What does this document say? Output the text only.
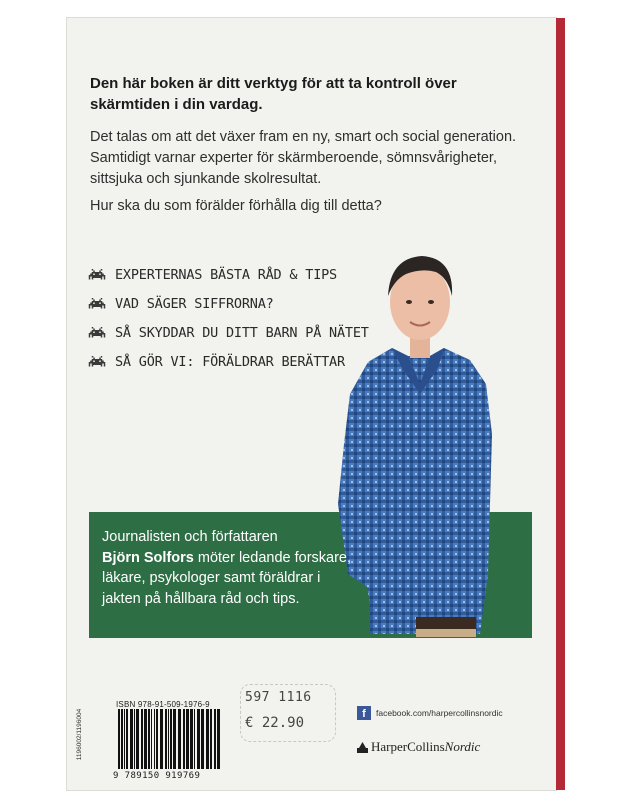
Den här boken är ditt verktyg för att ta kontroll över skärmtiden i din vardag.
Det talas om att det växer fram en ny, smart och social generation. Samtidigt varnar experter för skärmberoende, sömnsvårigheter, sittsjuka och sjunkande skolresultat.
Hur ska du som förälder förhålla dig till detta?
EXPERTERNAS BÄSTA RÅD & TIPS
VAD SÄGER SIFFRORNA?
SÅ SKYDDAR DU DITT BARN PÅ NÄTET
SÅ GÖR VI: FÖRÄLDRAR BERÄTTAR
Journalisten och författaren
Björn Solfors möter ledande forskare, läkare, psykologer samt föräldrar i jakten på hållbara råd och tips.
1196002/1196004
ISBN 978-91-509-1976-9
9 789150 919769
597 1116
€ 22.90
f	facebook.com/harpercollinsnordic
HarperCollinsNordic
